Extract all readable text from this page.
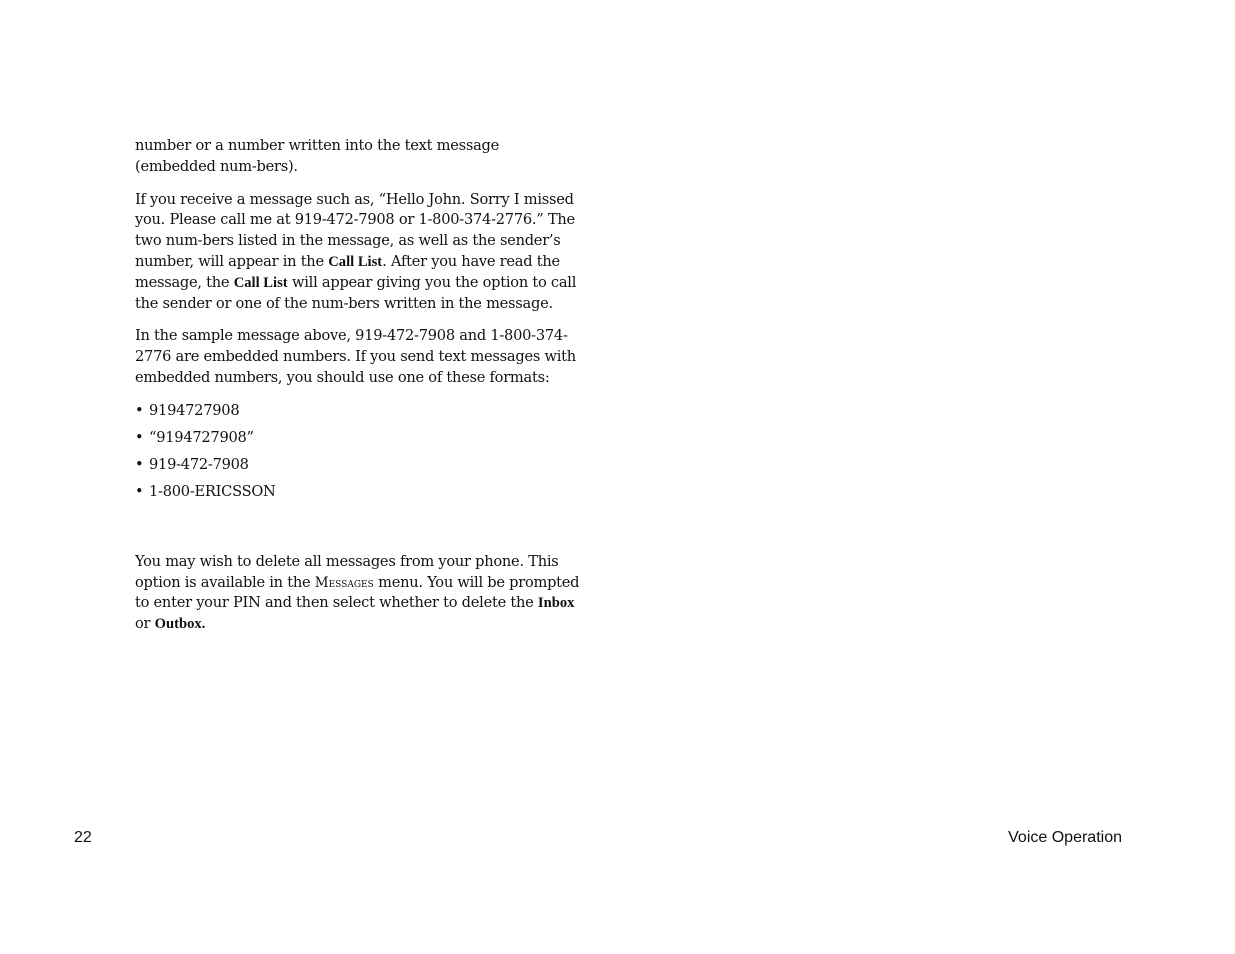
number or a number written into the text message (embedded num-bers).

If you receive a message such as, “Hello John. Sorry I missed you. Please call me at 919-472-7908 or 1-800-374-2776.” The two num-bers listed in the message, as well as the sender’s number, will appear in the Call List. After you have read the message, the Call List will appear giving you the option to call the sender or one of the num-bers written in the message.

In the sample message above, 919-472-7908 and 1-800-374-2776 are embedded numbers. If you send text messages with embedded numbers, you should use one of these formats:

• 9194727908
• “9194727908”
• 919-472-7908
• 1-800-ERICSSON

You may wish to delete all messages from your phone. This option is available in the Messages menu. You will be prompted to enter your PIN and then select whether to delete the Inbox or Outbox.

22	Voice Operation
